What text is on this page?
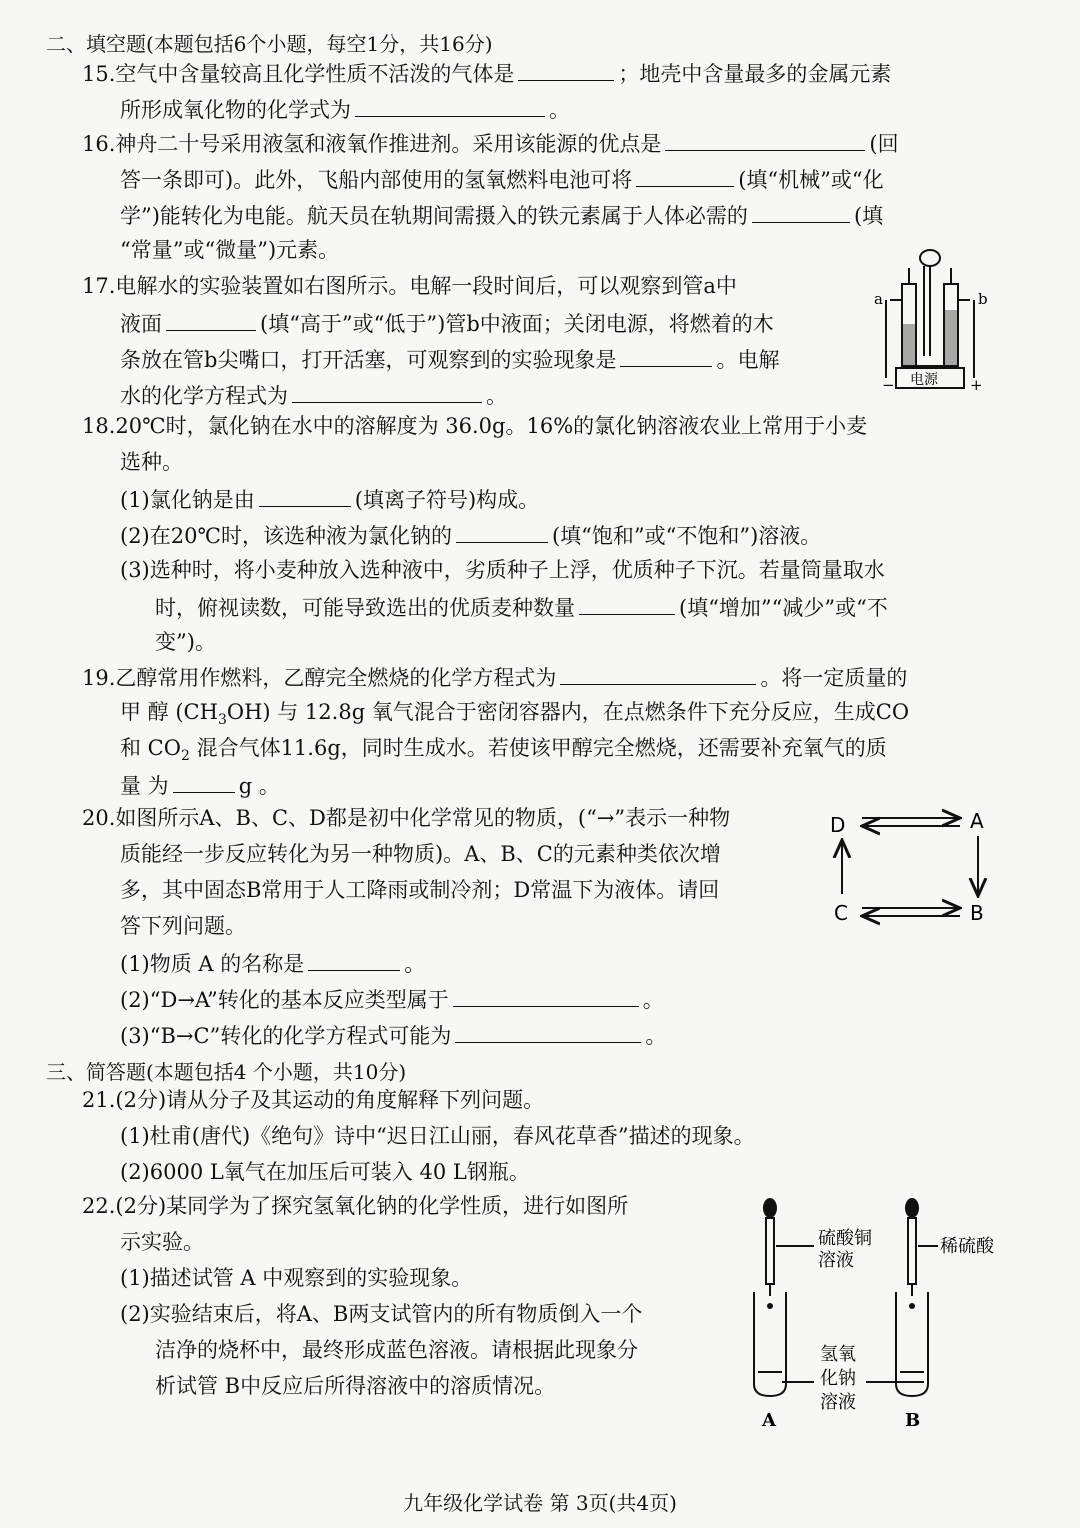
二、填空题(本题包括6个小题，每空1分，共16分)
15.空气中含量较高且化学性质不活泼的气体是	；地壳中含量最多的金属元素
所形成氧化物的化学式为	。
16.神舟二十号采用液氢和液氧作推进剂。采用该能源的优点是	(回
答一条即可)。此外，飞船内部使用的氢氧燃料电池可将	(填“机械”或“化
学”)能转化为电能。航天员在轨期间需摄入的铁元素属于人体必需的	(填
“常量”或“微量”)元素。
17.电解水的实验装置如右图所示。电解一段时间后，可以观察到管a中
液面	(填“高于”或“低于”)管b中液面；关闭电源，将燃着的木
条放在管b尖嘴口，打开活塞，可观察到的实验现象是	。电解
水的化学方程式为	。
a	b
电源
−	+
18.20℃时，氯化钠在水中的溶解度为 36.0g。16%的氯化钠溶液农业上常用于小麦
选种。
(1)氯化钠是由	(填离子符号)构成。
(2)在20℃时，该选种液为氯化钠的	(填“饱和”或“不饱和”)溶液。
(3)选种时，将小麦种放入选种液中，劣质种子上浮，优质种子下沉。若量筒量取水
时，俯视读数，可能导致选出的优质麦种数量	(填“增加”“减少”或“不
变”)。
19.乙醇常用作燃料，乙醇完全燃烧的化学方程式为	。将一定质量的
甲 醇 $(CH_3OH)$ 与 12.8g 氧气混合于密闭容器内，在点燃条件下充分反应，生成CO
和 $CO_2$ 混合气体11.6g，同时生成水。若使该甲醇完全燃烧，还需要补充氧气的质
量 为	g 。
20.如图所示A、B、C、D都是初中化学常见的物质，(“→”表示一种物
质能经一步反应转化为另一种物质)。A、B、C的元素种类依次增
多，其中固态B常用于人工降雨或制冷剂；D常温下为液体。请回
答下列问题。
(1)物质 A 的名称是	。
(2)“D→A”转化的基本反应类型属于	。
(3)“B→C”转化的化学方程式可能为	。
D	A
C	B
三、简答题(本题包括4 个小题，共10分)
21.(2分)请从分子及其运动的角度解释下列问题。
(1)杜甫(唐代)《绝句》诗中“迟日江山丽，春风花草香”描述的现象。
(2)6000 L氧气在加压后可装入 40 L钢瓶。
22.(2分)某同学为了探究氢氧化钠的化学性质，进行如图所
示实验。
(1)描述试管 A 中观察到的实验现象。
(2)实验结束后，将A、B两支试管内的所有物质倒入一个
洁净的烧杯中，最终形成蓝色溶液。请根据此现象分
析试管 B中反应后所得溶液中的溶质情况。
硫酸铜
溶液
稀硫酸
氢氧
化钠
溶液
A	B
九年级化学试卷 第 3页(共4页)
